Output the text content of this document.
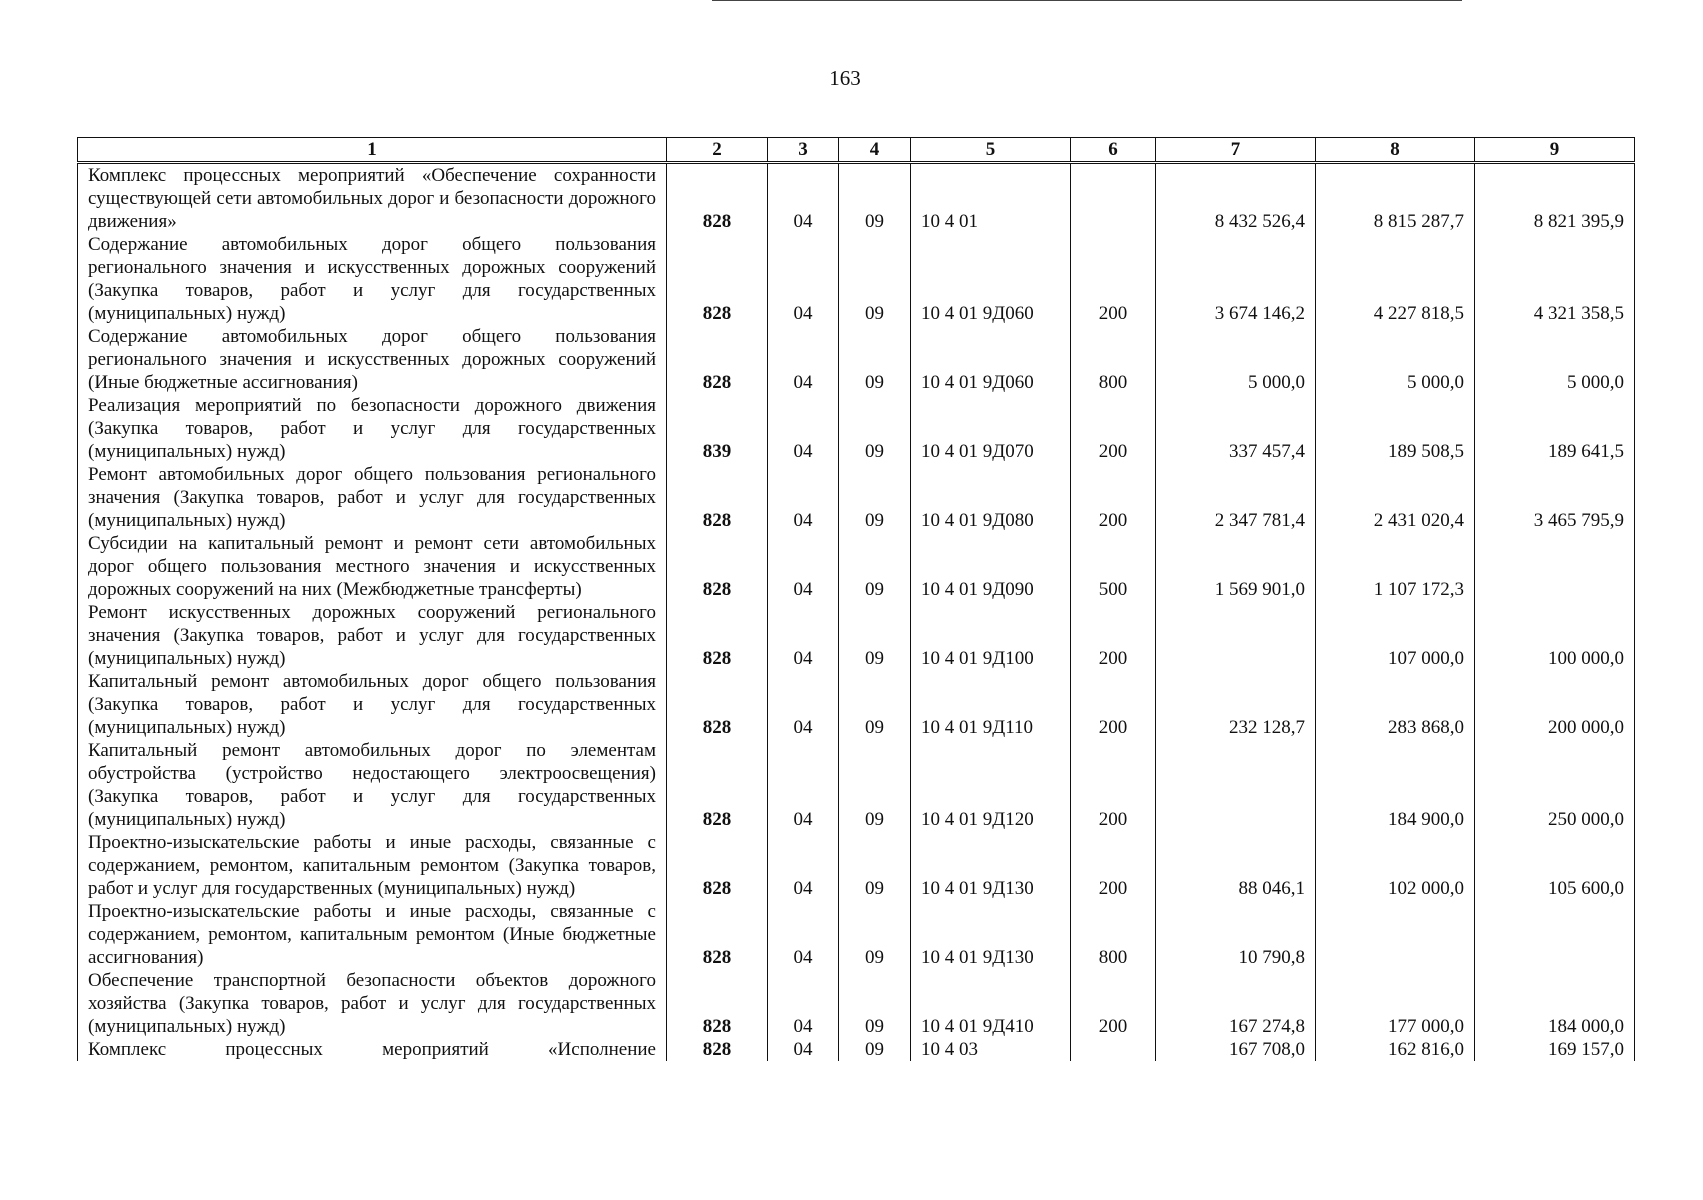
163
1	2	3	4	5	6	7	8	9
Комплекс процессных мероприятий «Обеспечение сохранности существующей сети автомобильных дорог и безопасности дорожного движения»	828	04	09	10 4 01		8 432 526,4	8 815 287,7	8 821 395,9
Содержание автомобильных дорог общего пользования регионального значения и искусственных дорожных сооружений (Закупка товаров, работ и услуг для государственных (муниципальных) нужд)	828	04	09	10 4 01 9Д060	200	3 674 146,2	4 227 818,5	4 321 358,5
Содержание автомобильных дорог общего пользования регионального значения и искусственных дорожных сооружений (Иные бюджетные ассигнования)	828	04	09	10 4 01 9Д060	800	5 000,0	5 000,0	5 000,0
Реализация мероприятий по безопасности дорожного движения (Закупка товаров, работ и услуг для государственных (муниципальных) нужд)	839	04	09	10 4 01 9Д070	200	337 457,4	189 508,5	189 641,5
Ремонт автомобильных дорог общего пользования регионального значения (Закупка товаров, работ и услуг для государственных (муниципальных) нужд)	828	04	09	10 4 01 9Д080	200	2 347 781,4	2 431 020,4	3 465 795,9
Субсидии на капитальный ремонт и ремонт сети автомобильных дорог общего пользования местного значения и искусственных дорожных сооружений на них (Межбюджетные трансферты)	828	04	09	10 4 01 9Д090	500	1 569 901,0	1 107 172,3	
Ремонт искусственных дорожных сооружений регионального значения (Закупка товаров, работ и услуг для государственных (муниципальных) нужд)	828	04	09	10 4 01 9Д100	200		107 000,0	100 000,0
Капитальный ремонт автомобильных дорог общего пользования (Закупка товаров, работ и услуг для государственных (муниципальных) нужд)	828	04	09	10 4 01 9Д110	200	232 128,7	283 868,0	200 000,0
Капитальный ремонт автомобильных дорог по элементам обустройства (устройство недостающего электроосвещения) (Закупка товаров, работ и услуг для государственных (муниципальных) нужд)	828	04	09	10 4 01 9Д120	200		184 900,0	250 000,0
Проектно-изыскательские работы и иные расходы, связанные с содержанием, ремонтом, капитальным ремонтом (Закупка товаров, работ и услуг для государственных (муниципальных) нужд)	828	04	09	10 4 01 9Д130	200	88 046,1	102 000,0	105 600,0
Проектно-изыскательские работы и иные расходы, связанные с содержанием, ремонтом, капитальным ремонтом (Иные бюджетные ассигнования)	828	04	09	10 4 01 9Д130	800	10 790,8		
Обеспечение транспортной безопасности объектов дорожного хозяйства (Закупка товаров, работ и услуг для государственных (муниципальных) нужд)	828	04	09	10 4 01 9Д410	200	167 274,8	177 000,0	184 000,0
Комплекс процессных мероприятий «Исполнение	828	04	09	10 4 03		167 708,0	162 816,0	169 157,0
